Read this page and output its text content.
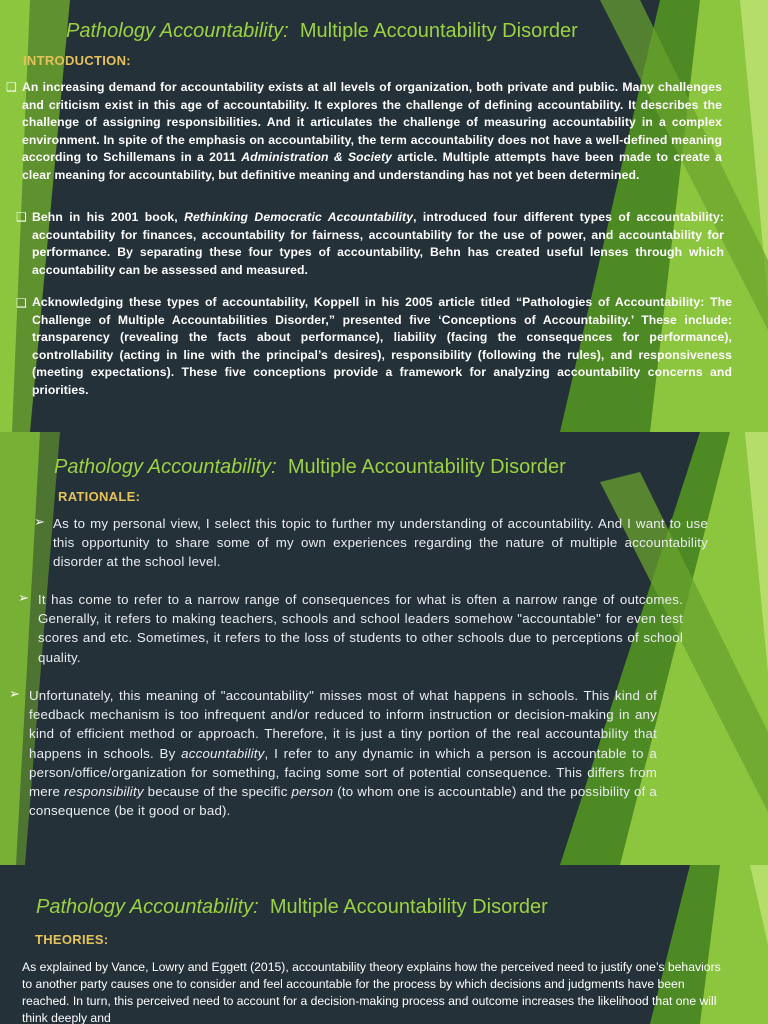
Pathology Accountability: Multiple Accountability Disorder
INTRODUCTION:
❑ An increasing demand for accountability exists at all levels of organization, both private and public. Many challenges and criticism exist in this age of accountability. It explores the challenge of defining accountability. It describes the challenge of assigning responsibilities. And it articulates the challenge of measuring accountability in a complex environment. In spite of the emphasis on accountability, the term accountability does not have a well-defined meaning according to Schillemans in a 2011 Administration & Society article. Multiple attempts have been made to create a clear meaning for accountability, but definitive meaning and understanding has not yet been determined.
❑ Behn in his 2001 book, Rethinking Democratic Accountability, introduced four different types of accountability: accountability for finances, accountability for fairness, accountability for the use of power, and accountability for performance. By separating these four types of accountability, Behn has created useful lenses through which accountability can be assessed and measured.
❑ Acknowledging these types of accountability, Koppell in his 2005 article titled “Pathologies of Accountability: The Challenge of Multiple Accountabilities Disorder,” presented five ‘Conceptions of Accountability.’ These include: transparency (revealing the facts about performance), liability (facing the consequences for performance), controllability (acting in line with the principal’s desires), responsibility (following the rules), and responsiveness (meeting expectations). These five conceptions provide a framework for analyzing accountability concerns and priorities.
Pathology Accountability: Multiple Accountability Disorder
RATIONALE:
➢ As to my personal view, I select this topic to further my understanding of accountability. And I want to use this opportunity to share some of my own experiences regarding the nature of multiple accountability disorder at the school level.
➢ It has come to refer to a narrow range of consequences for what is often a narrow range of outcomes. Generally, it refers to making teachers, schools and school leaders somehow "accountable" for even test scores and etc. Sometimes, it refers to the loss of students to other schools due to perceptions of school quality.
➢ Unfortunately, this meaning of "accountability" misses most of what happens in schools. This kind of feedback mechanism is too infrequent and/or reduced to inform instruction or decision-making in any kind of efficient method or approach. Therefore, it is just a tiny portion of the real accountability that happens in schools. By accountability, I refer to any dynamic in which a person is accountable to a person/office/organization for something, facing some sort of potential consequence. This differs from mere responsibility because of the specific person (to whom one is accountable) and the possibility of a consequence (be it good or bad).
Pathology Accountability: Multiple Accountability Disorder
THEORIES:
As explained by Vance, Lowry and Eggett (2015), accountability theory explains how the perceived need to justify one’s behaviors to another party causes one to consider and feel accountable for the process by which decisions and judgments have been reached. In turn, this perceived need to account for a decision-making process and outcome increases the likelihood that one will think deeply and
